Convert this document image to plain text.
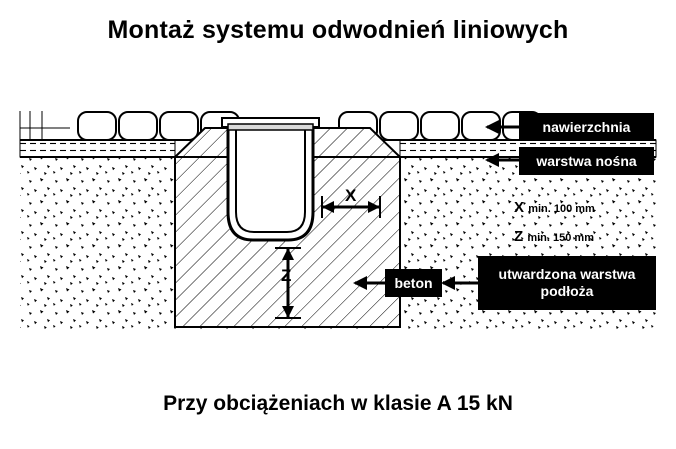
Montaż systemu odwodnień liniowych
X
Z
nawierzchnia
warstwa nośna
beton
utwardzona warstwa
podłoża
X min. 100 mm
Z min. 150 mm
Przy obciążeniach w klasie A 15 kN
